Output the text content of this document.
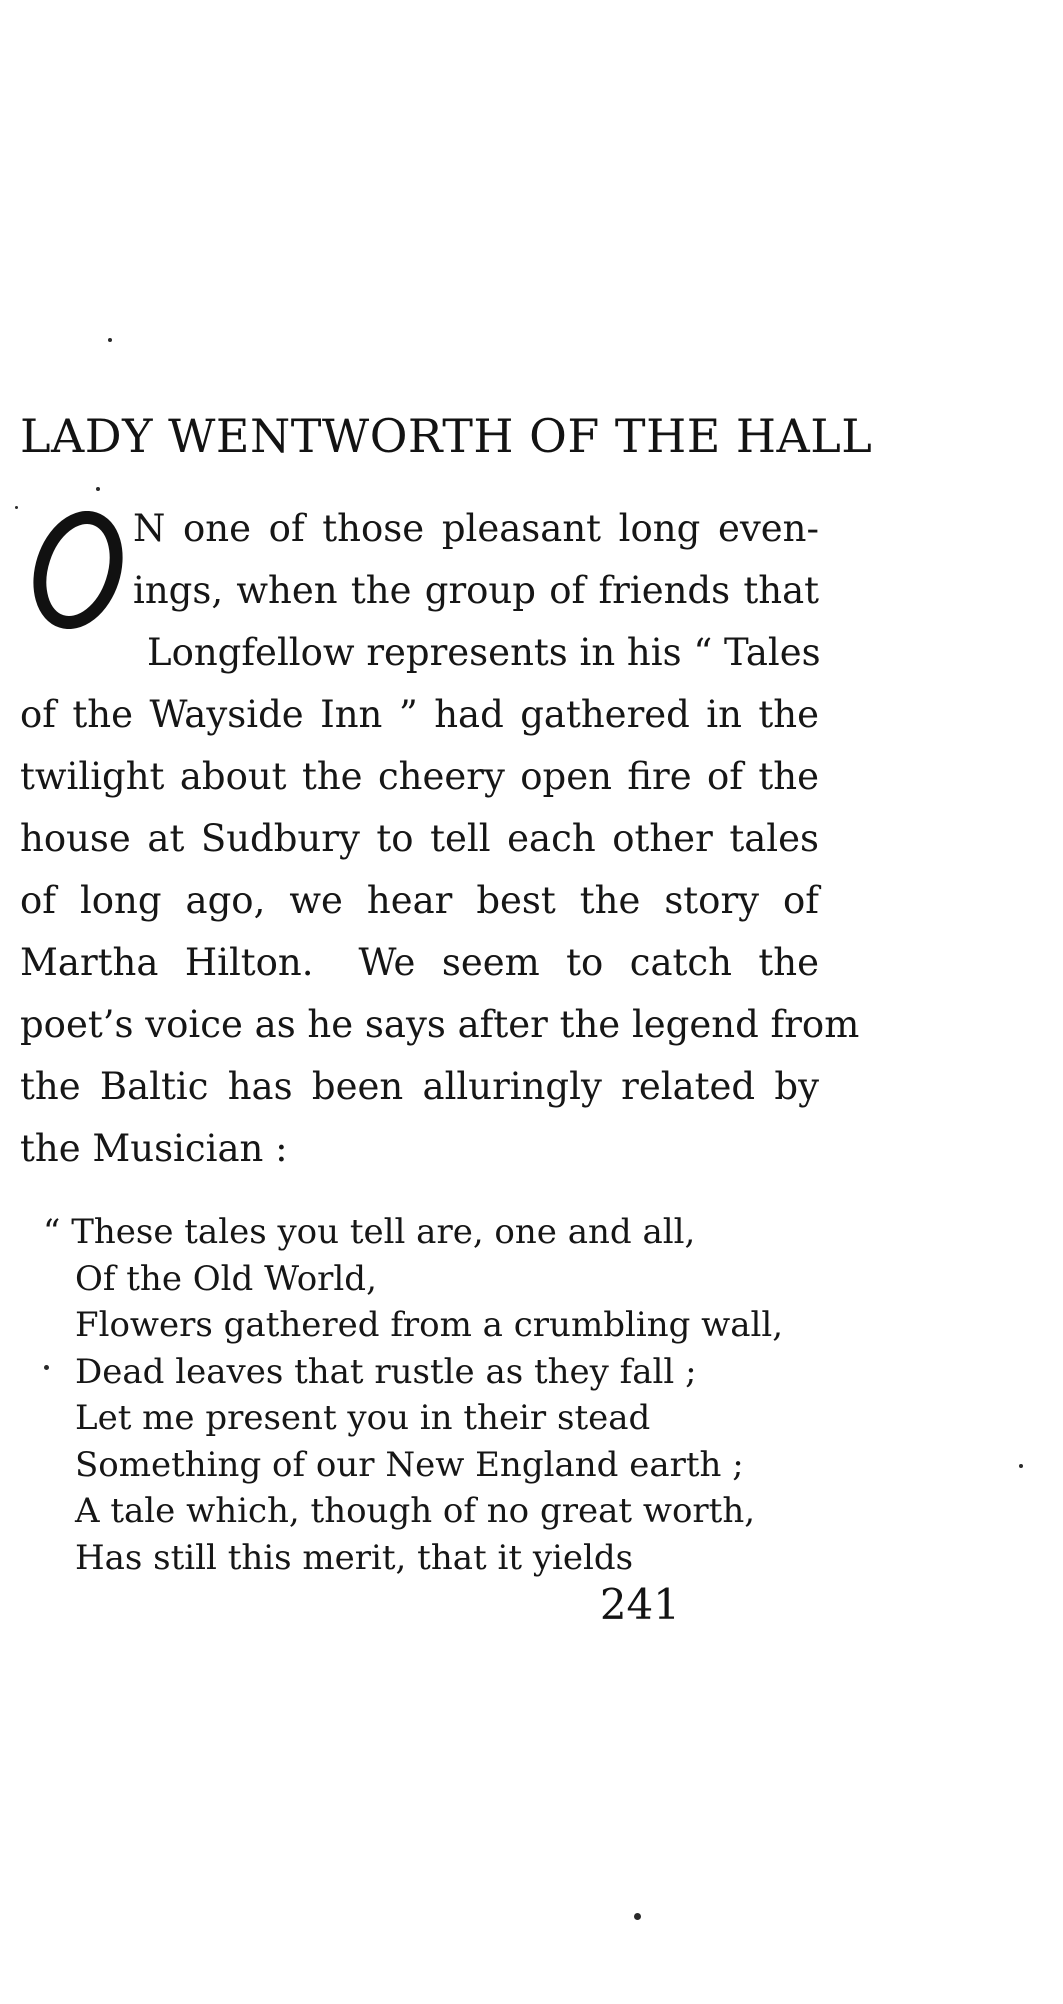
LADY WENTWORTH OF THE HALL
N one of those pleasant long even-
ings, when the group of friends that
Longfellow represents in his “ Tales
of the Wayside Inn ” had gathered in the
twilight about the cheery open fire of the
house at Sudbury to tell each other tales
of long ago, we hear best the story of
Martha Hilton.  We seem to catch the
poet’s voice as he says after the legend from
the Baltic has been alluringly related by
the Musician :
“ These tales you tell are, one and all,
Of the Old World,
Flowers gathered from a crumbling wall,
Dead leaves that rustle as they fall ;
Let me present you in their stead
Something of our New England earth ;
A tale which, though of no great worth,
Has still this merit, that it yields
241
